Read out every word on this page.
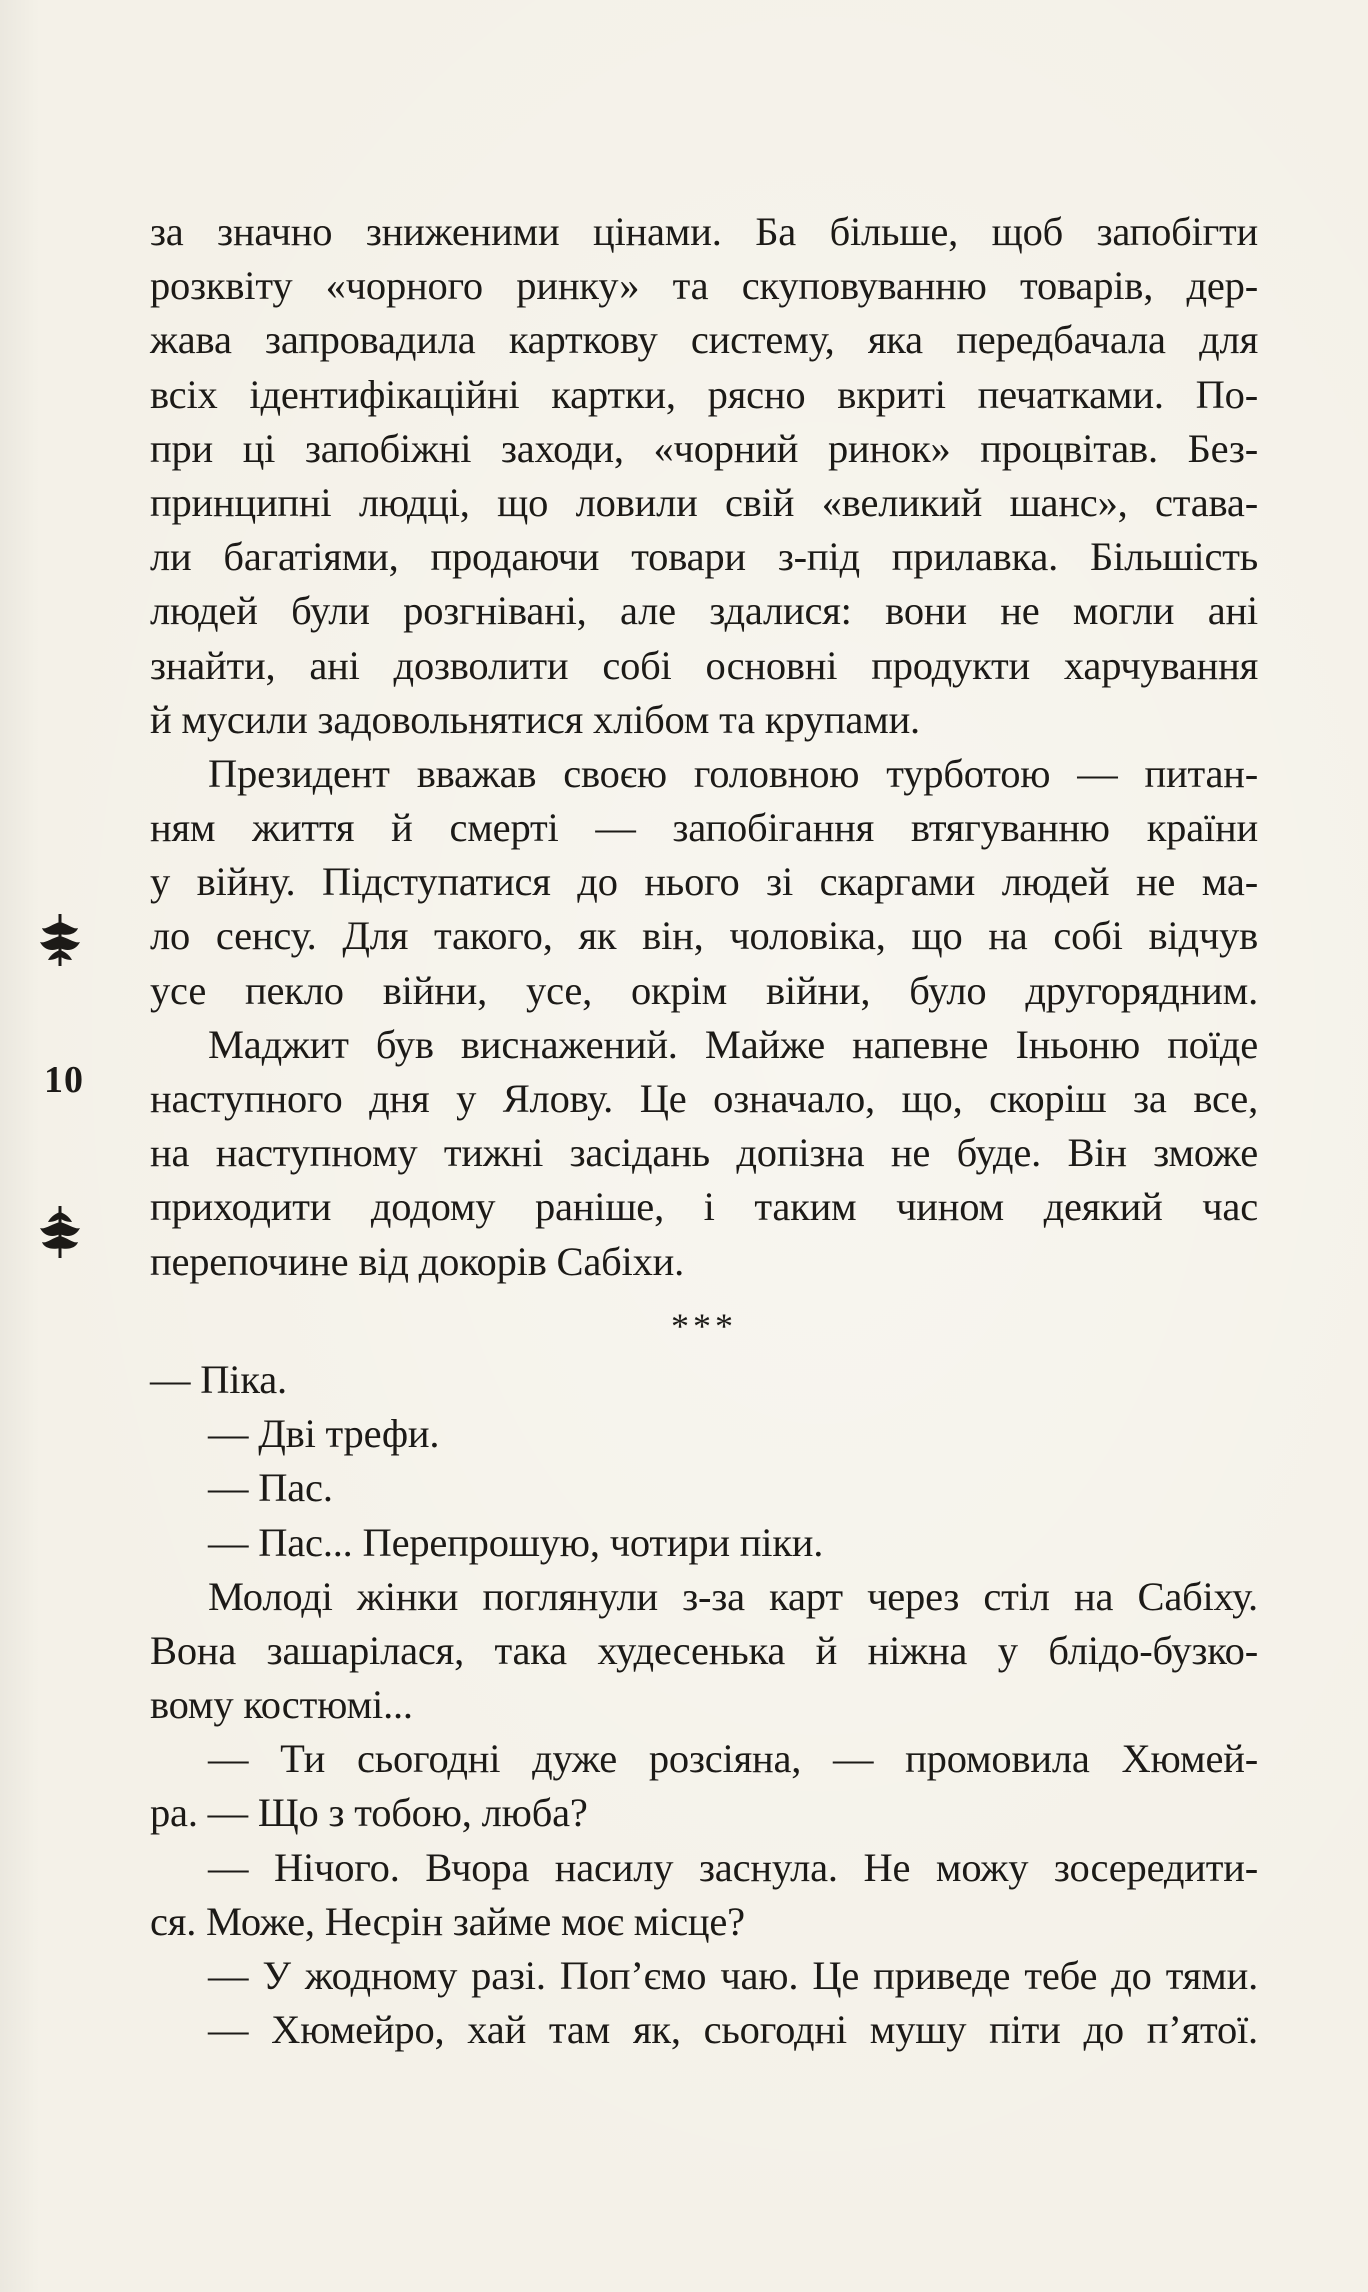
10
за значно зниженими цінами. Ба більше, щоб запобігти
розквіту «чорного ринку» та скуповуванню товарів, дер-
жава запровадила карткову систему, яка передбачала для
всіх ідентифікаційні картки, рясно вкриті печатками. По-
при ці запобіжні заходи, «чорний ринок» процвітав. Без-
принципні людці, що ловили свій «великий шанс», става-
ли багатіями, продаючи товари з-під прилавка. Більшість
людей були розгнівані, але здалися: вони не могли ані
знайти, ані дозволити собі основні продукти харчування
й мусили задовольнятися хлібом та крупами.
Президент вважав своєю головною турботою — питан-
ням життя й смерті — запобігання втягуванню країни
у війну. Підступатися до нього зі скаргами людей не ма-
ло сенсу. Для такого, як він, чоловіка, що на собі відчув
усе пекло війни, усе, окрім війни, було другорядним.
Маджит був виснажений. Майже напевне Іньоню поїде
наступного дня у Ялову. Це означало, що, скоріш за все,
на наступному тижні засідань допізна не буде. Він зможе
приходити додому раніше, і таким чином деякий час
перепочине від докорів Сабіхи.
***
— Піка.
— Дві трефи.
— Пас.
— Пас... Перепрошую, чотири піки.
Молоді жінки поглянули з-за карт через стіл на Сабіху.
Вона зашарілася, така худесенька й ніжна у блідо-бузко-
вому костюмі...
— Ти сьогодні дуже розсіяна, — промовила Хюмей-
ра. — Що з тобою, люба?
— Нічого. Вчора насилу заснула. Не можу зосередити-
ся. Може, Несрін займе моє місце?
— У жодному разі. Поп’ємо чаю. Це приведе тебе до тями.
— Хюмейро, хай там як, сьогодні мушу піти до п’ятої.
